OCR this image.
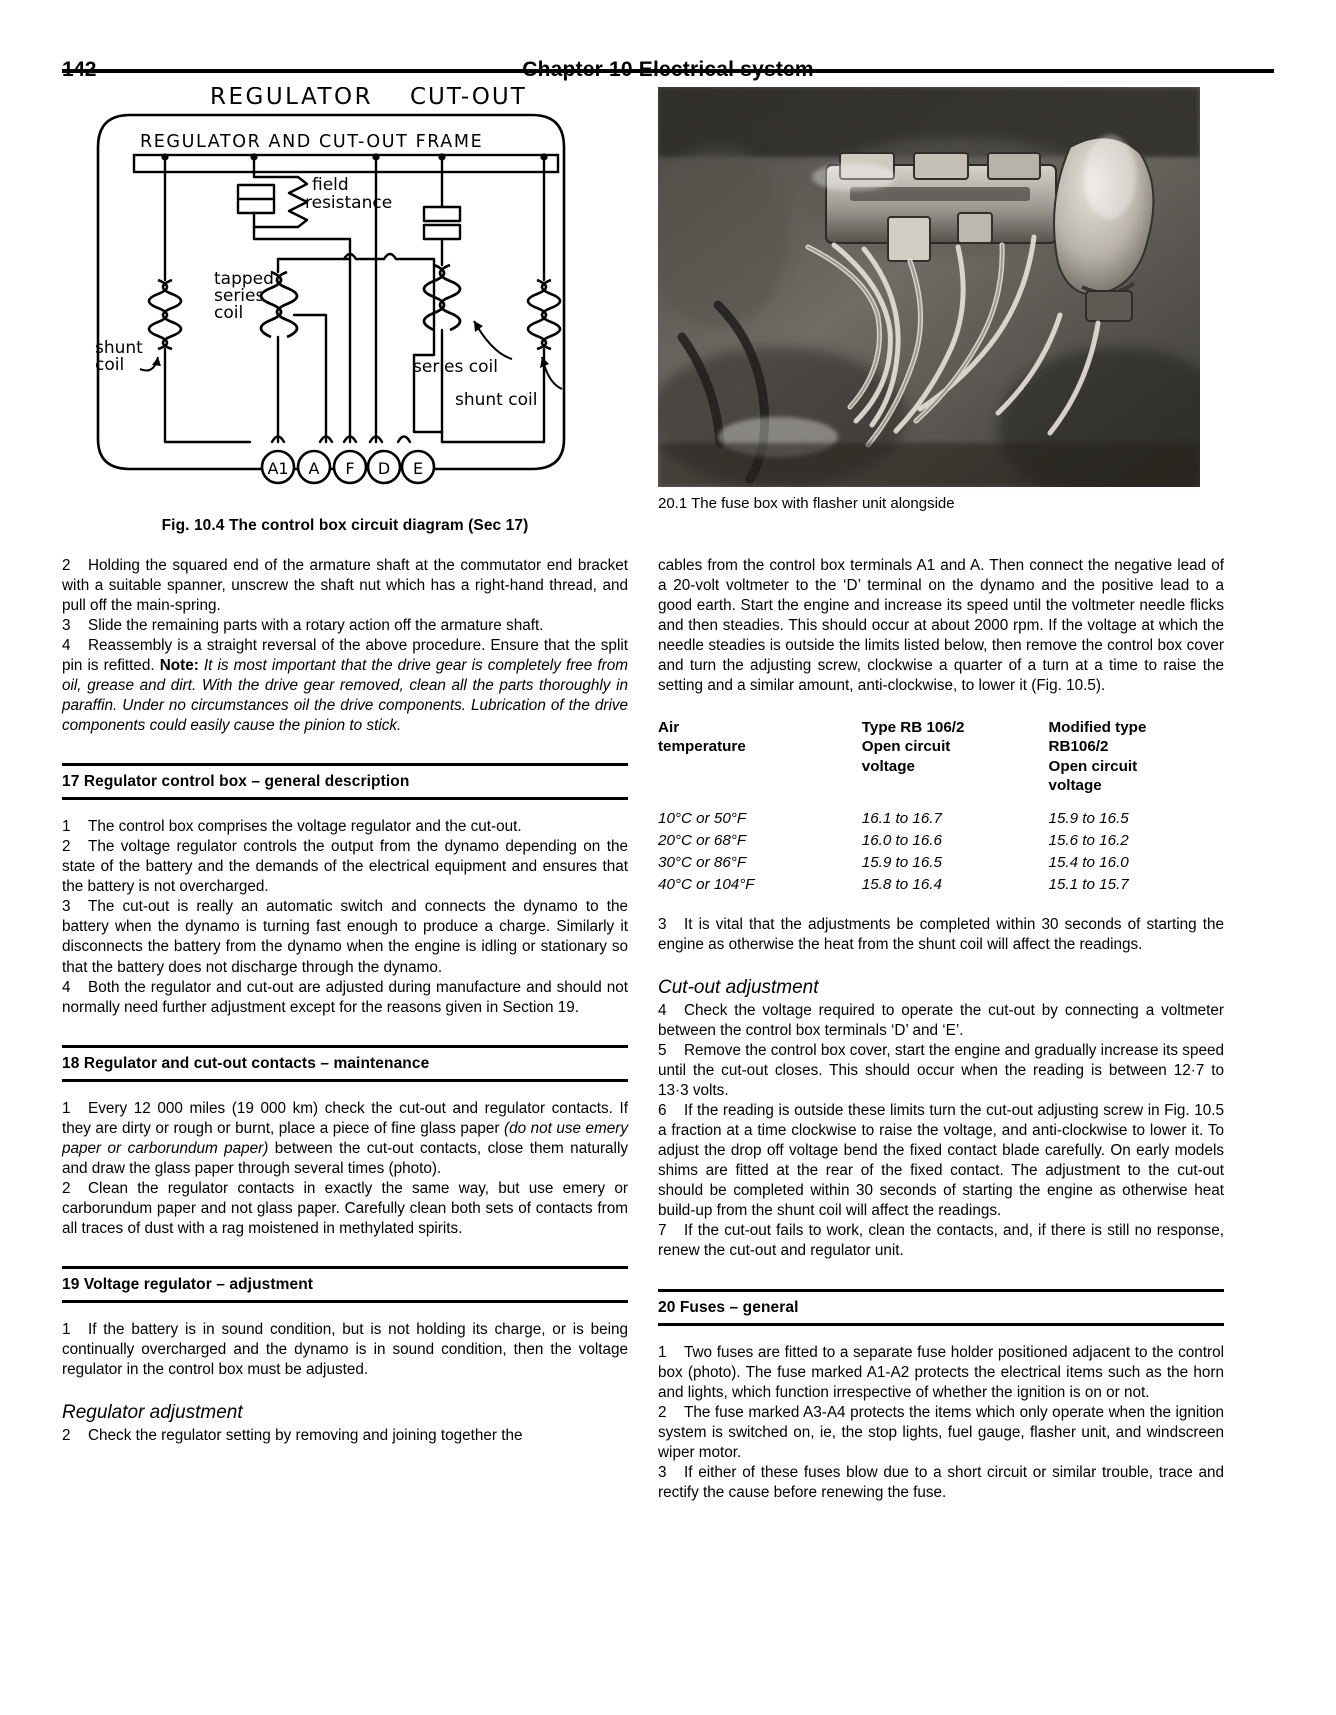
142	Chapter 10 Electrical system
REGULATOR CUT-OUT
REGULATOR AND CUT-OUT FRAME
field
resistance
tapped
series
coil
shunt
coil	series coil
shunt coil
A1 A F D E
Fig. 10.4 The control box circuit diagram (Sec 17)
20.1 The fuse box with flasher unit alongside

2 Holding the squared end of the armature shaft at the commutator end bracket with a suitable spanner, unscrew the shaft nut which has a right-hand thread, and pull off the main-spring.

3 Slide the remaining parts with a rotary action off the armature shaft.

4 Reassembly is a straight reversal of the above procedure. Ensure that the split pin is refitted. Note: It is most important that the drive gear is completely free from oil, grease and dirt. With the drive gear removed, clean all the parts thoroughly in paraffin. Under no circumstances oil the drive components. Lubrication of the drive components could easily cause the pinion to stick.

17 Regulator control box – general description

1 The control box comprises the voltage regulator and the cut-out.

2 The voltage regulator controls the output from the dynamo depending on the state of the battery and the demands of the electrical equipment and ensures that the battery is not overcharged.

3 The cut-out is really an automatic switch and connects the dynamo to the battery when the dynamo is turning fast enough to produce a charge. Similarly it disconnects the battery from the dynamo when the engine is idling or stationary so that the battery does not discharge through the dynamo.

4 Both the regulator and cut-out are adjusted during manufacture and should not normally need further adjustment except for the reasons given in Section 19.

18 Regulator and cut-out contacts – maintenance

1 Every 12 000 miles (19 000 km) check the cut-out and regulator contacts. If they are dirty or rough or burnt, place a piece of fine glass paper (do not use emery paper or carborundum paper) between the cut-out contacts, close them naturally and draw the glass paper through several times (photo).

2 Clean the regulator contacts in exactly the same way, but use emery or carborundum paper and not glass paper. Carefully clean both sets of contacts from all traces of dust with a rag moistened in methylated spirits.

19 Voltage regulator – adjustment

1 If the battery is in sound condition, but is not holding its charge, or is being continually overcharged and the dynamo is in sound condition, then the voltage regulator in the control box must be adjusted.

Regulator adjustment

2 Check the regulator setting by removing and joining together the

cables from the control box terminals A1 and A. Then connect the negative lead of a 20-volt voltmeter to the ‘D’ terminal on the dynamo and the positive lead to a good earth. Start the engine and increase its speed until the voltmeter needle flicks and then steadies. This should occur at about 2000 rpm. If the voltage at which the needle steadies is outside the limits listed below, then remove the control box cover and turn the adjusting screw, clockwise a quarter of a turn at a time to raise the setting and a similar amount, anti-clockwise, to lower it (Fig. 10.5).

Air
temperature

Type RB 106/2
Open circuit
voltage

Modified type
RB106/2
Open circuit
voltage

10°C or 50°F	16.1 to 16.7	15.9 to 16.5
20°C or 68°F	16.0 to 16.6	15.6 to 16.2
30°C or 86°F	15.9 to 16.5	15.4 to 16.0
40°C or 104°F	15.8 to 16.4	15.1 to 15.7

3 It is vital that the adjustments be completed within 30 seconds of starting the engine as otherwise the heat from the shunt coil will affect the readings.

Cut-out adjustment

4 Check the voltage required to operate the cut-out by connecting a voltmeter between the control box terminals ‘D’ and ‘E’.

5 Remove the control box cover, start the engine and gradually increase its speed until the cut-out closes. This should occur when the reading is between 12·7 to 13·3 volts.

6 If the reading is outside these limits turn the cut-out adjusting screw in Fig. 10.5 a fraction at a time clockwise to raise the voltage, and anti-clockwise to lower it. To adjust the drop off voltage bend the fixed contact blade carefully. On early models shims are fitted at the rear of the fixed contact. The adjustment to the cut-out should be completed within 30 seconds of starting the engine as otherwise heat build-up from the shunt coil will affect the readings.

7 If the cut-out fails to work, clean the contacts, and, if there is still no response, renew the cut-out and regulator unit.

20 Fuses – general

1 Two fuses are fitted to a separate fuse holder positioned adjacent to the control box (photo). The fuse marked A1-A2 protects the electrical items such as the horn and lights, which function irrespective of whether the ignition is on or not.

2 The fuse marked A3-A4 protects the items which only operate when the ignition system is switched on, ie, the stop lights, fuel gauge, flasher unit, and windscreen wiper motor.

3 If either of these fuses blow due to a short circuit or similar trouble, trace and rectify the cause before renewing the fuse.
